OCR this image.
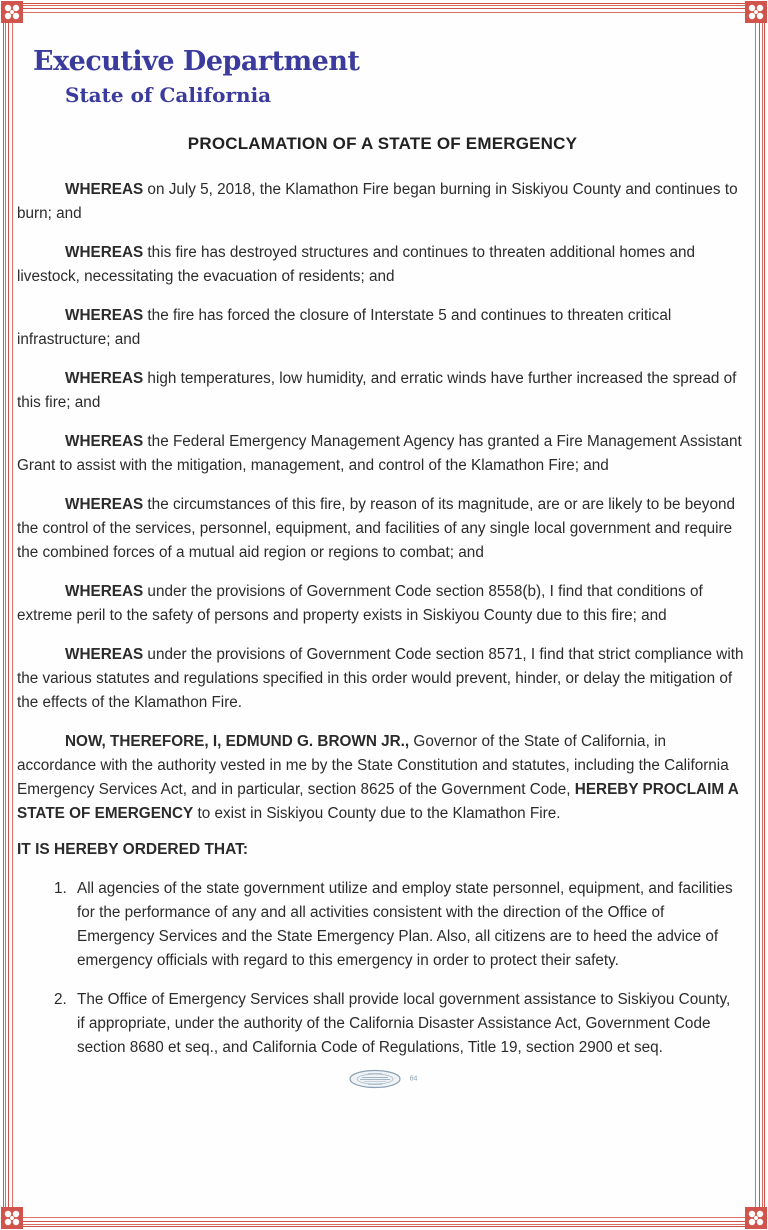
Executive Department
State of California
PROCLAMATION OF A STATE OF EMERGENCY
WHEREAS on July 5, 2018, the Klamathon Fire began burning in Siskiyou County and continues to burn; and
WHEREAS this fire has destroyed structures and continues to threaten additional homes and livestock, necessitating the evacuation of residents; and
WHEREAS the fire has forced the closure of Interstate 5 and continues to threaten critical infrastructure; and
WHEREAS high temperatures, low humidity, and erratic winds have further increased the spread of this fire; and
WHEREAS the Federal Emergency Management Agency has granted a Fire Management Assistant Grant to assist with the mitigation, management, and control of the Klamathon Fire; and
WHEREAS the circumstances of this fire, by reason of its magnitude, are or are likely to be beyond the control of the services, personnel, equipment, and facilities of any single local government and require the combined forces of a mutual aid region or regions to combat; and
WHEREAS under the provisions of Government Code section 8558(b), I find that conditions of extreme peril to the safety of persons and property exists in Siskiyou County due to this fire; and
WHEREAS under the provisions of Government Code section 8571, I find that strict compliance with the various statutes and regulations specified in this order would prevent, hinder, or delay the mitigation of the effects of the Klamathon Fire.
NOW, THEREFORE, I, EDMUND G. BROWN JR., Governor of the State of California, in accordance with the authority vested in me by the State Constitution and statutes, including the California Emergency Services Act, and in particular, section 8625 of the Government Code, HEREBY PROCLAIM A STATE OF EMERGENCY to exist in Siskiyou County due to the Klamathon Fire.
IT IS HEREBY ORDERED THAT:
1. All agencies of the state government utilize and employ state personnel, equipment, and facilities for the performance of any and all activities consistent with the direction of the Office of Emergency Services and the State Emergency Plan. Also, all citizens are to heed the advice of emergency officials with regard to this emergency in order to protect their safety.
2. The Office of Emergency Services shall provide local government assistance to Siskiyou County, if appropriate, under the authority of the California Disaster Assistance Act, Government Code section 8680 et seq., and California Code of Regulations, Title 19, section 2900 et seq.
64
